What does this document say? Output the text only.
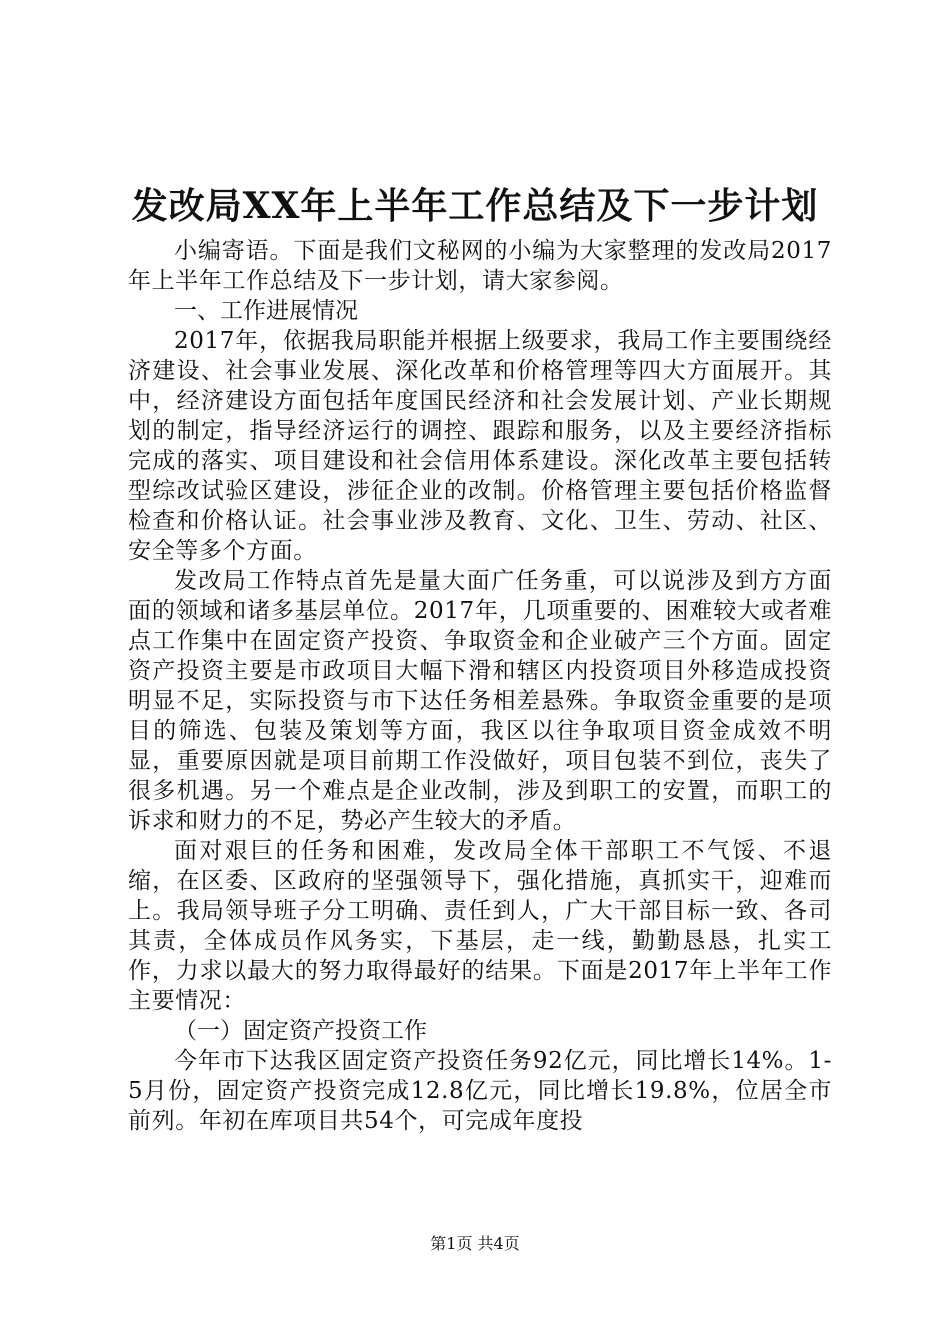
发改局XX年上半年工作总结及下一步计划

小编寄语。下面是我们文秘网的小编为大家整理的发改局2017年上半年工作总结及下一步计划，请大家参阅。

一、工作进展情况

2017年，依据我局职能并根据上级要求，我局工作主要围绕经济建设、社会事业发展、深化改革和价格管理等四大方面展开。其中，经济建设方面包括年度国民经济和社会发展计划、产业长期规划的制定，指导经济运行的调控、跟踪和服务，以及主要经济指标完成的落实、项目建设和社会信用体系建设。深化改革主要包括转型综改试验区建设，涉征企业的改制。价格管理主要包括价格监督检查和价格认证。社会事业涉及教育、文化、卫生、劳动、社区、安全等多个方面。

发改局工作特点首先是量大面广任务重，可以说涉及到方方面面的领域和诸多基层单位。2017年，几项重要的、困难较大或者难点工作集中在固定资产投资、争取资金和企业破产三个方面。固定资产投资主要是市政项目大幅下滑和辖区内投资项目外移造成投资明显不足，实际投资与市下达任务相差悬殊。争取资金重要的是项目的筛选、包装及策划等方面，我区以往争取项目资金成效不明显，重要原因就是项目前期工作没做好，项目包装不到位，丧失了很多机遇。另一个难点是企业改制，涉及到职工的安置，而职工的诉求和财力的不足，势必产生较大的矛盾。

面对艰巨的任务和困难，发改局全体干部职工不气馁、不退缩，在区委、区政府的坚强领导下，强化措施，真抓实干，迎难而上。我局领导班子分工明确、责任到人，广大干部目标一致、各司其责，全体成员作风务实，下基层，走一线，勤勤恳恳，扎实工作，力求以最大的努力取得最好的结果。下面是2017年上半年工作主要情况：

（一）固定资产投资工作

今年市下达我区固定资产投资任务92亿元，同比增长14%。1-5月份，固定资产投资完成12.8亿元，同比增长19.8%，位居全市前列。年初在库项目共54个，可完成年度投

第1页 共4页
